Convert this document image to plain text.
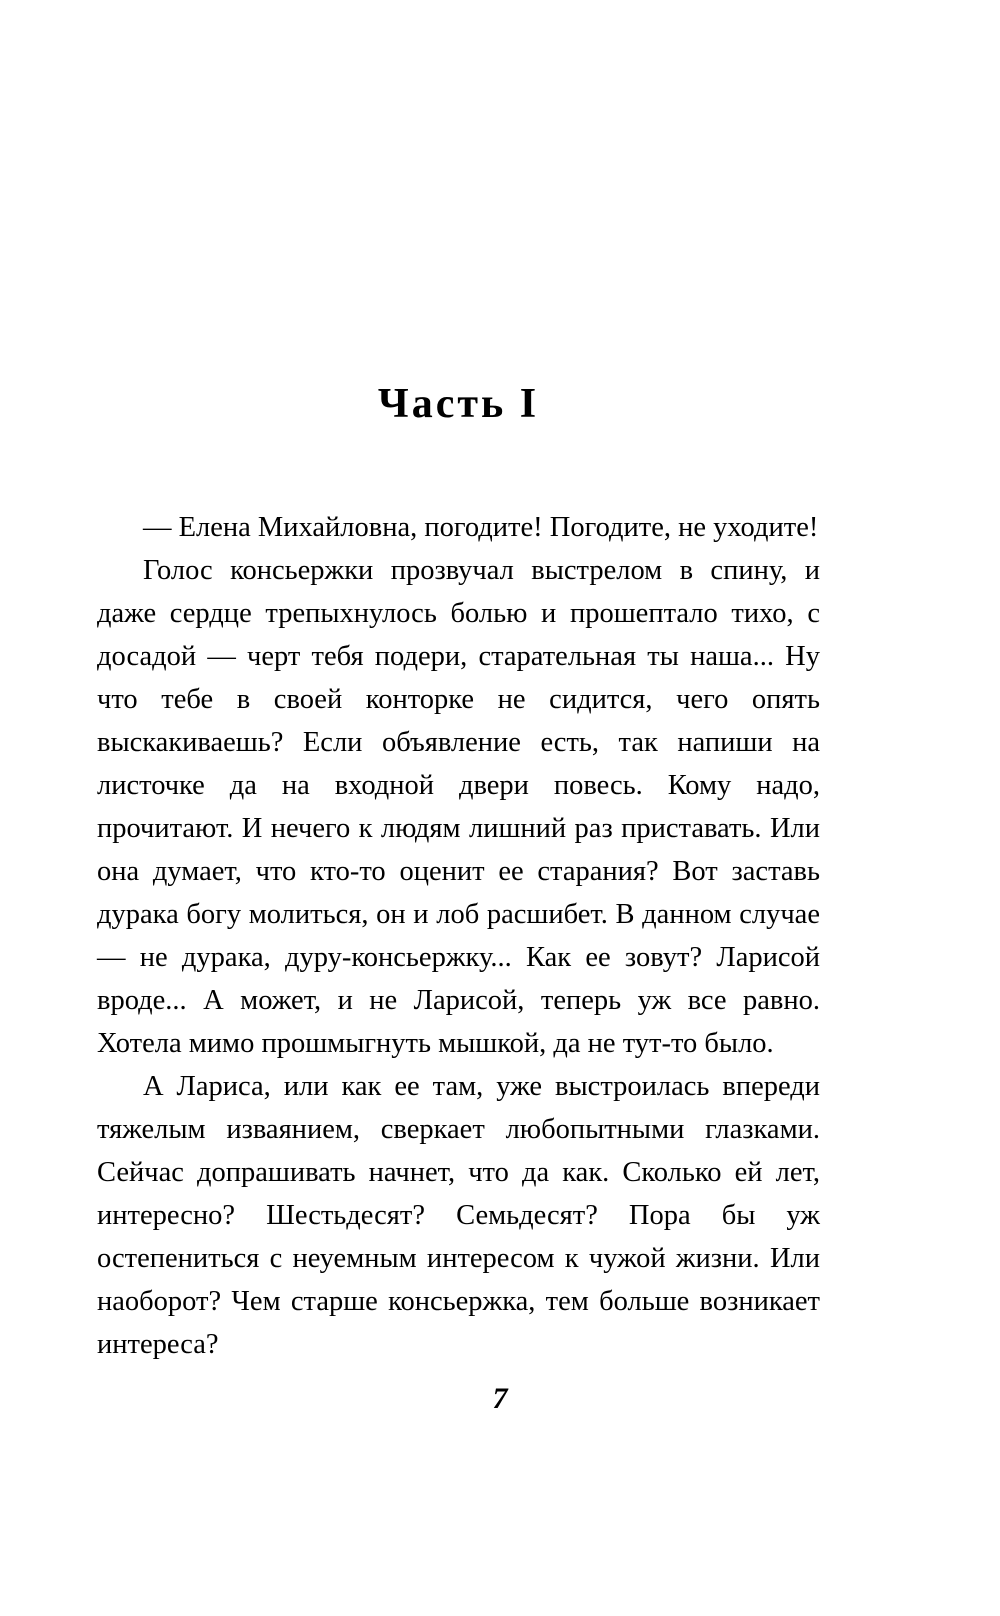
Часть I

— Елена Михайловна, погодите! Погодите, не уходите!

Голос консьержки прозвучал выстрелом в спину, и даже сердце трепыхнулось болью и прошептало тихо, с досадой — черт тебя подери, старательная ты наша... Ну что тебе в своей конторке не сидится, чего опять выскакиваешь? Если объявление есть, так напиши на листочке да на входной двери повесь. Кому надо, прочитают. И нечего к людям лишний раз приставать. Или она думает, что кто-то оценит ее старания? Вот заставь дурака богу молиться, он и лоб расшибет. В данном случае — не дурака, дуру-консьержку... Как ее зовут? Ларисой вроде... А может, и не Ларисой, теперь уж все равно. Хотела мимо прошмыгнуть мышкой, да не тут-то было.

А Лариса, или как ее там, уже выстроилась впереди тяжелым изваянием, сверкает любопытными глазками. Сейчас допрашивать начнет, что да как. Сколько ей лет, интересно? Шестьдесят? Семьдесят? Пора бы уж остепениться с неуемным интересом к чужой жизни. Или наоборот? Чем старше консьержка, тем больше возникает интереса?

7
